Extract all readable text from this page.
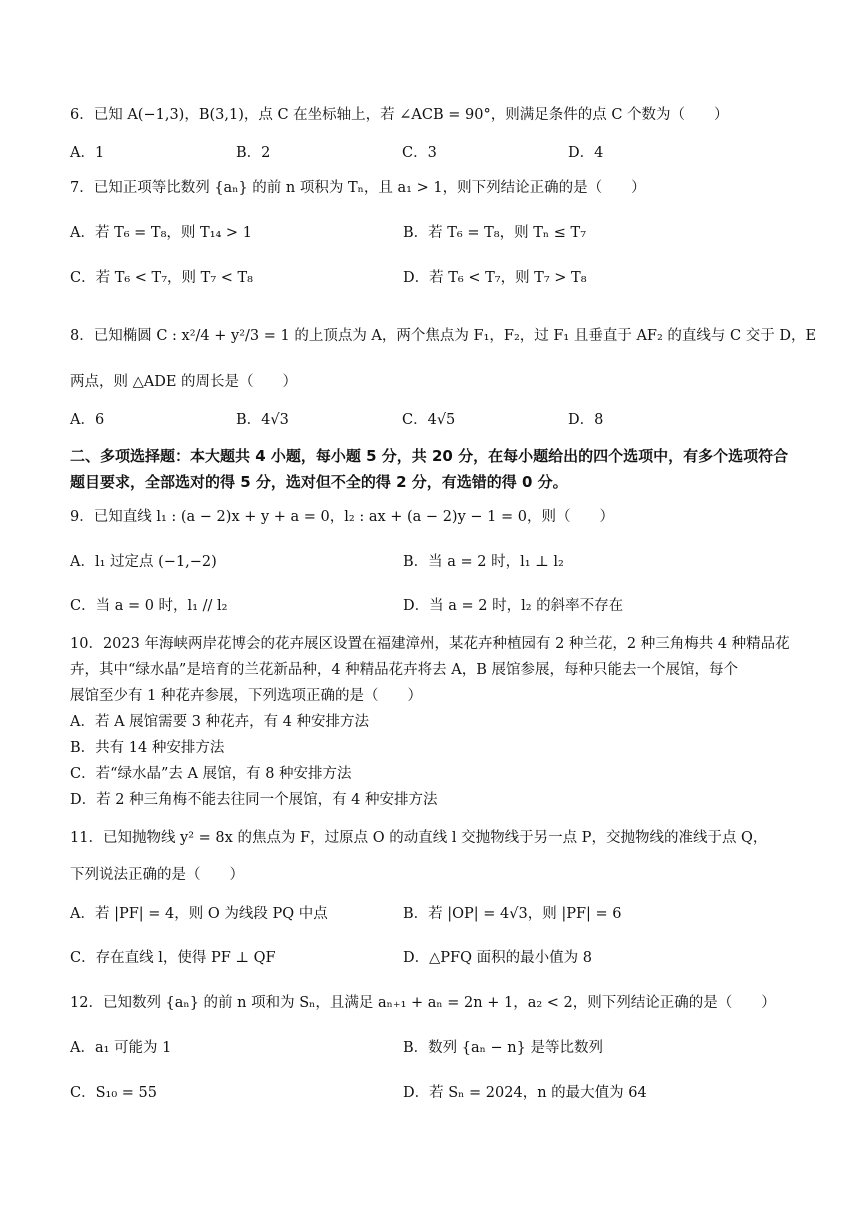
6．已知 A(−1,3)，B(3,1)，点 C 在坐标轴上，若 ∠ACB = 90°，则满足条件的点 C 个数为（　　）
A．1	B．2	C．3	D．4
7．已知正项等比数列 {aₙ} 的前 n 项积为 Tₙ，且 a₁ > 1，则下列结论正确的是（　　）
A．若 T₆ = T₈，则 T₁₄ > 1	B．若 T₆ = T₈，则 Tₙ ≤ T₇
C．若 T₆ < T₇，则 T₇ < T₈	D．若 T₆ < T₇，则 T₇ > T₈
8．已知椭圆 C : x²/4 + y²/3 = 1 的上顶点为 A，两个焦点为 F₁，F₂，过 F₁ 且垂直于 AF₂ 的直线与 C 交于 D，E
两点，则 △ADE 的周长是（　　）
A．6	B．4√3	C．4√5	D．8
二、多项选择题：本大题共 4 小题，每小题 5 分，共 20 分，在每小题给出的四个选项中，有多个选项符合题目要求，全部选对的得 5 分，选对但不全的得 2 分，有选错的得 0 分。
9．已知直线 l₁ : (a − 2)x + y + a = 0，l₂ : ax + (a − 2)y − 1 = 0，则（　　）
A．l₁ 过定点 (−1,−2)	B．当 a = 2 时，l₁ ⊥ l₂
C．当 a = 0 时，l₁ // l₂	D．当 a = 2 时，l₂ 的斜率不存在
10．2023 年海峡两岸花博会的花卉展区设置在福建漳州，某花卉种植园有 2 种兰花，2 种三角梅共 4 种精品花
卉，其中“绿水晶”是培育的兰花新品种，4 种精品花卉将去 A，B 展馆参展，每种只能去一个展馆，每个
展馆至少有 1 种花卉参展，下列选项正确的是（　　）
A．若 A 展馆需要 3 种花卉，有 4 种安排方法
B．共有 14 种安排方法
C．若“绿水晶”去 A 展馆，有 8 种安排方法
D．若 2 种三角梅不能去往同一个展馆，有 4 种安排方法
11．已知抛物线 y² = 8x 的焦点为 F，过原点 O 的动直线 l 交抛物线于另一点 P，交抛物线的准线于点 Q，
下列说法正确的是（　　）
A．若 |PF| = 4，则 O 为线段 PQ 中点	B．若 |OP| = 4√3，则 |PF| = 6
C．存在直线 l，使得 PF ⊥ QF	D．△PFQ 面积的最小值为 8
12．已知数列 {aₙ} 的前 n 项和为 Sₙ，且满足 aₙ₊₁ + aₙ = 2n + 1，a₂ < 2，则下列结论正确的是（　　）
A．a₁ 可能为 1	B．数列 {aₙ − n} 是等比数列
C．S₁₀ = 55	D．若 Sₙ = 2024，n 的最大值为 64
